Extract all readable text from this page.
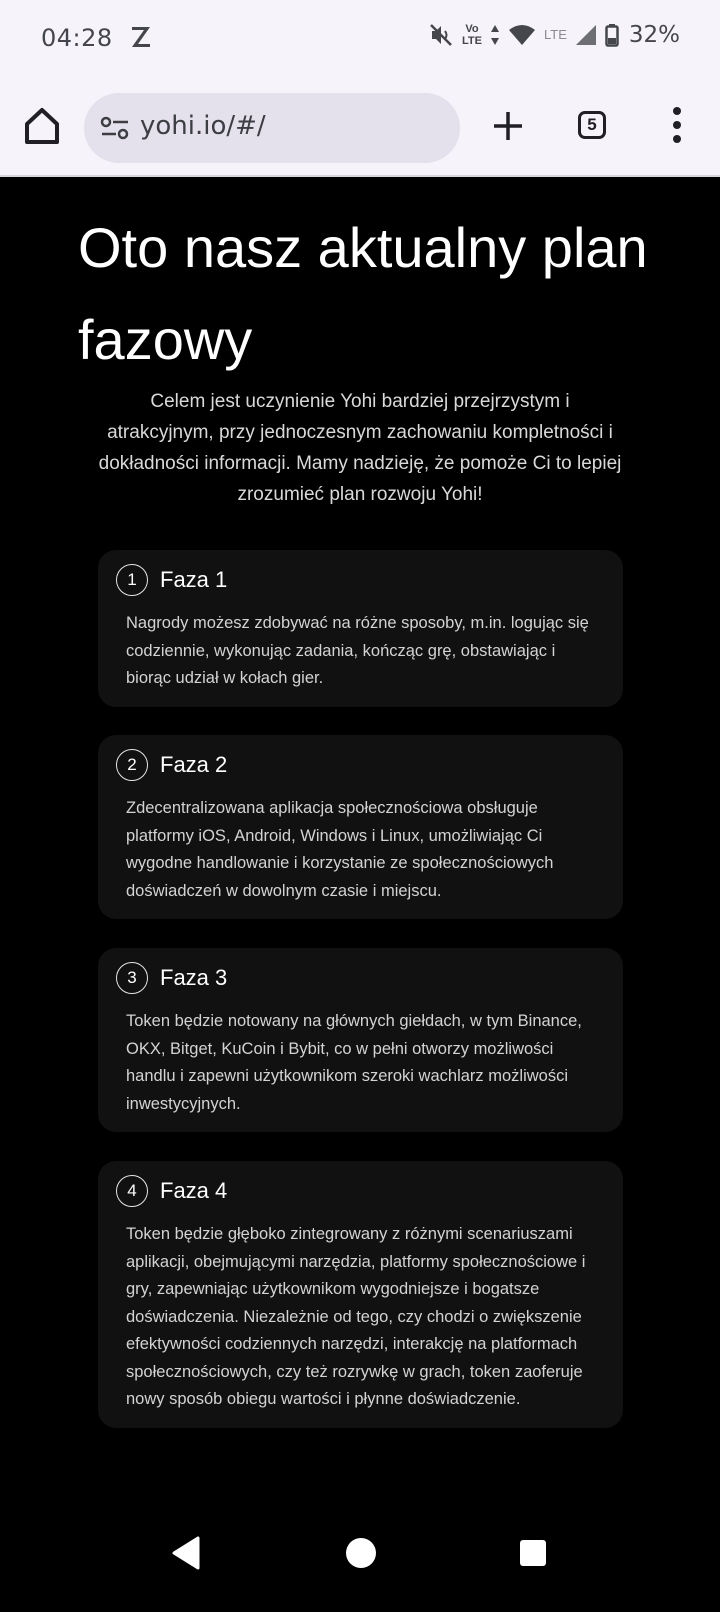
04:28	Vo
LTE	LTE	32%
yohi.io/#/	5
Oto nasz aktualny plan fazowy
Celem jest uczynienie Yohi bardziej przejrzystym i atrakcyjnym, przy jednoczesnym zachowaniu kompletności i dokładności informacji. Mamy nadzieję, że pomoże Ci to lepiej zrozumieć plan rozwoju Yohi!
1	Faza 1
Nagrody możesz zdobywać na różne sposoby, m.in. logując się codziennie, wykonując zadania, kończąc grę, obstawiając i biorąc udział w kołach gier.
2	Faza 2
Zdecentralizowana aplikacja społecznościowa obsługuje platformy iOS, Android, Windows i Linux, umożliwiając Ci wygodne handlowanie i korzystanie ze społecznościowych doświadczeń w dowolnym czasie i miejscu.
3	Faza 3
Token będzie notowany na głównych giełdach, w tym Binance, OKX, Bitget, KuCoin i Bybit, co w pełni otworzy możliwości handlu i zapewni użytkownikom szeroki wachlarz możliwości inwestycyjnych.
4	Faza 4
Token będzie głęboko zintegrowany z różnymi scenariuszami aplikacji, obejmującymi narzędzia, platformy społecznościowe i gry, zapewniając użytkownikom wygodniejsze i bogatsze doświadczenia. Niezależnie od tego, czy chodzi o zwiększenie efektywności codziennych narzędzi, interakcję na platformach społecznościowych, czy też rozrywkę w grach, token zaoferuje nowy sposób obiegu wartości i płynne doświadczenie.
